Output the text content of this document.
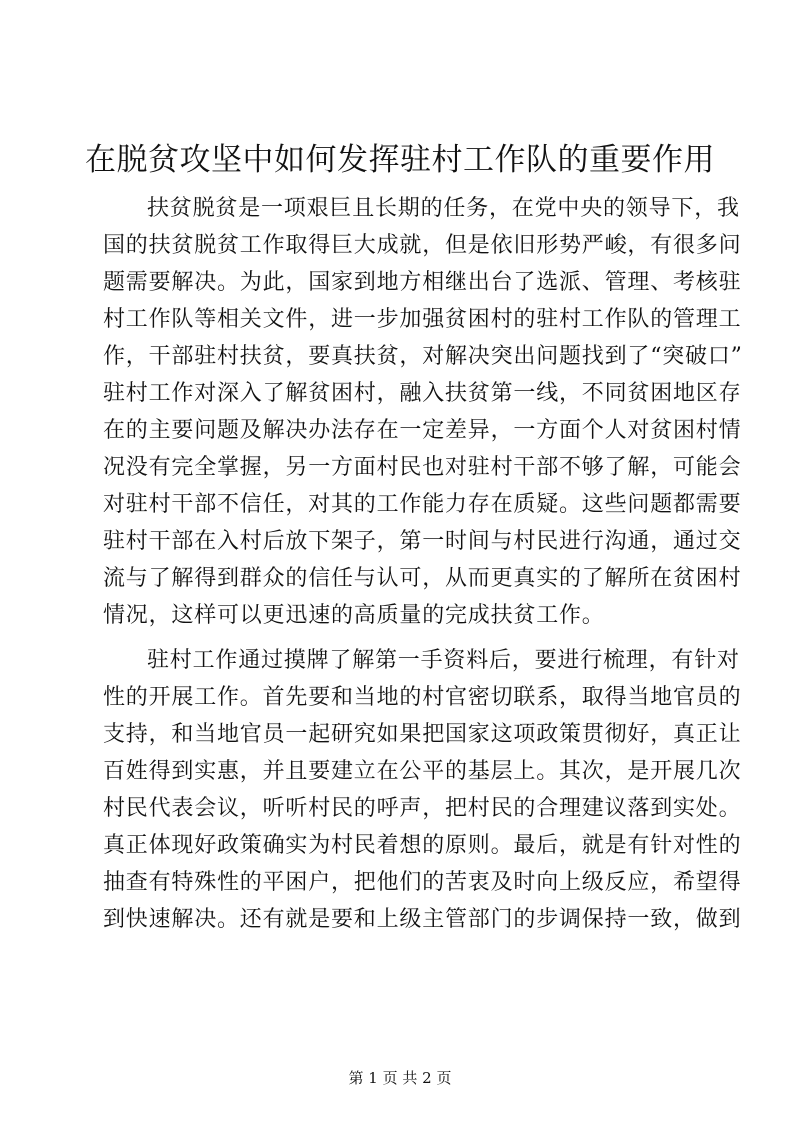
在脱贫攻坚中如何发挥驻村工作队的重要作用
扶贫脱贫是一项艰巨且长期的任务，在党中央的领导下，我
国的扶贫脱贫工作取得巨大成就，但是依旧形势严峻，有很多问
题需要解决。为此，国家到地方相继出台了选派、管理、考核驻
村工作队等相关文件，进一步加强贫困村的驻村工作队的管理工
作，干部驻村扶贫，要真扶贫，对解决突出问题找到了“突破口”
驻村工作对深入了解贫困村，融入扶贫第一线，不同贫困地区存
在的主要问题及解决办法存在一定差异，一方面个人对贫困村情
况没有完全掌握，另一方面村民也对驻村干部不够了解，可能会
对驻村干部不信任，对其的工作能力存在质疑。这些问题都需要
驻村干部在入村后放下架子，第一时间与村民进行沟通，通过交
流与了解得到群众的信任与认可，从而更真实的了解所在贫困村
情况，这样可以更迅速的高质量的完成扶贫工作。
驻村工作通过摸牌了解第一手资料后，要进行梳理，有针对
性的开展工作。首先要和当地的村官密切联系，取得当地官员的
支持，和当地官员一起研究如果把国家这项政策贯彻好，真正让
百姓得到实惠，并且要建立在公平的基层上。其次，是开展几次
村民代表会议，听听村民的呼声，把村民的合理建议落到实处。
真正体现好政策确实为村民着想的原则。最后，就是有针对性的
抽查有特殊性的平困户，把他们的苦衷及时向上级反应，希望得
到快速解决。还有就是要和上级主管部门的步调保持一致，做到
第 1 页 共 2 页
